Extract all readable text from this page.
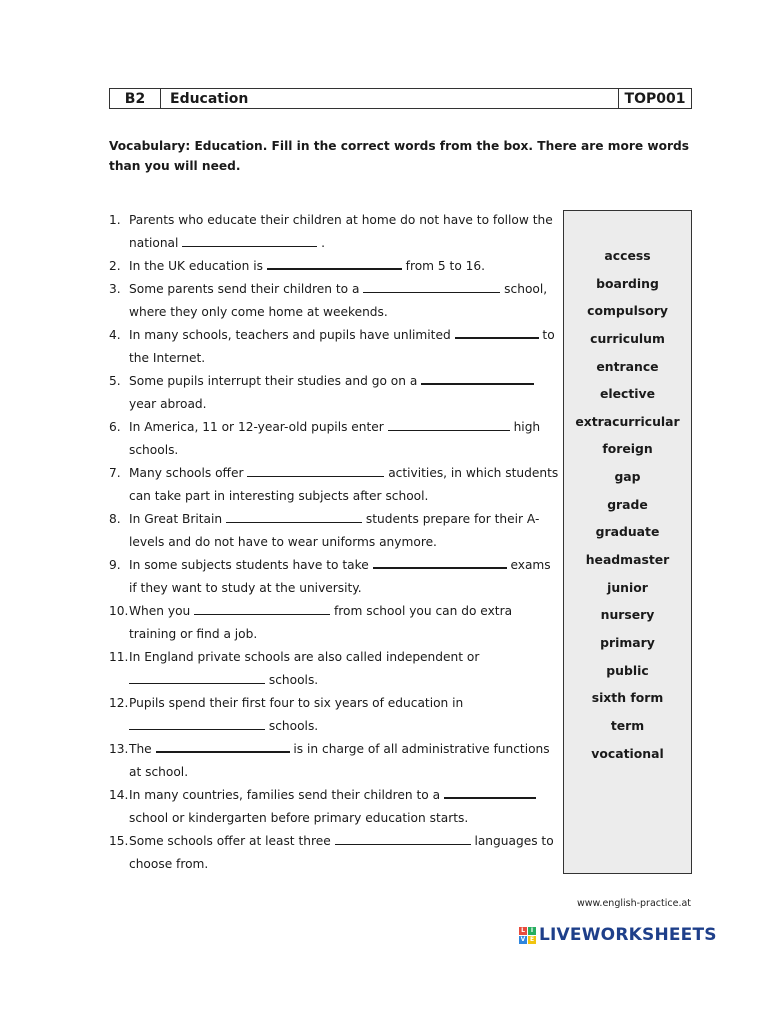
B2	Education	TOP001
Vocabulary: Education. Fill in the correct words from the box. There are more words than you will need.
1. Parents who educate their children at home do not have to follow the national	.
2. In the UK education is	from 5 to 16.
3. Some parents send their children to a	school, where they only come home at weekends.
4. In many schools, teachers and pupils have unlimited	to the Internet.
5. Some pupils interrupt their studies and go on a  year abroad.
6. In America, 11 or 12-year-old pupils enter	high schools.
7. Many schools offer	activities, in which students can take part in interesting subjects after school.
8. In Great Britain	students prepare for their A-levels and do not have to wear uniforms anymore.
9. In some subjects students have to take	exams if they want to study at the university.
10. When you	from school you can do extra training or find a job.
11. In England private schools are also called independent or  schools.
12. Pupils spend their first four to six years of education in  schools.
13. The	is in charge of all administrative functions at school.
14. In many countries, families send their children to a  school or kindergarten before primary education starts.
15. Some schools offer at least three	languages to choose from.
access
boarding
compulsory
curriculum
entrance
elective
extracurricular
foreign
gap
grade
graduate
headmaster
junior
nursery
primary
public
sixth form
term
vocational
www.english-practice.at
L I
V E LIVEWORKSHEETS
